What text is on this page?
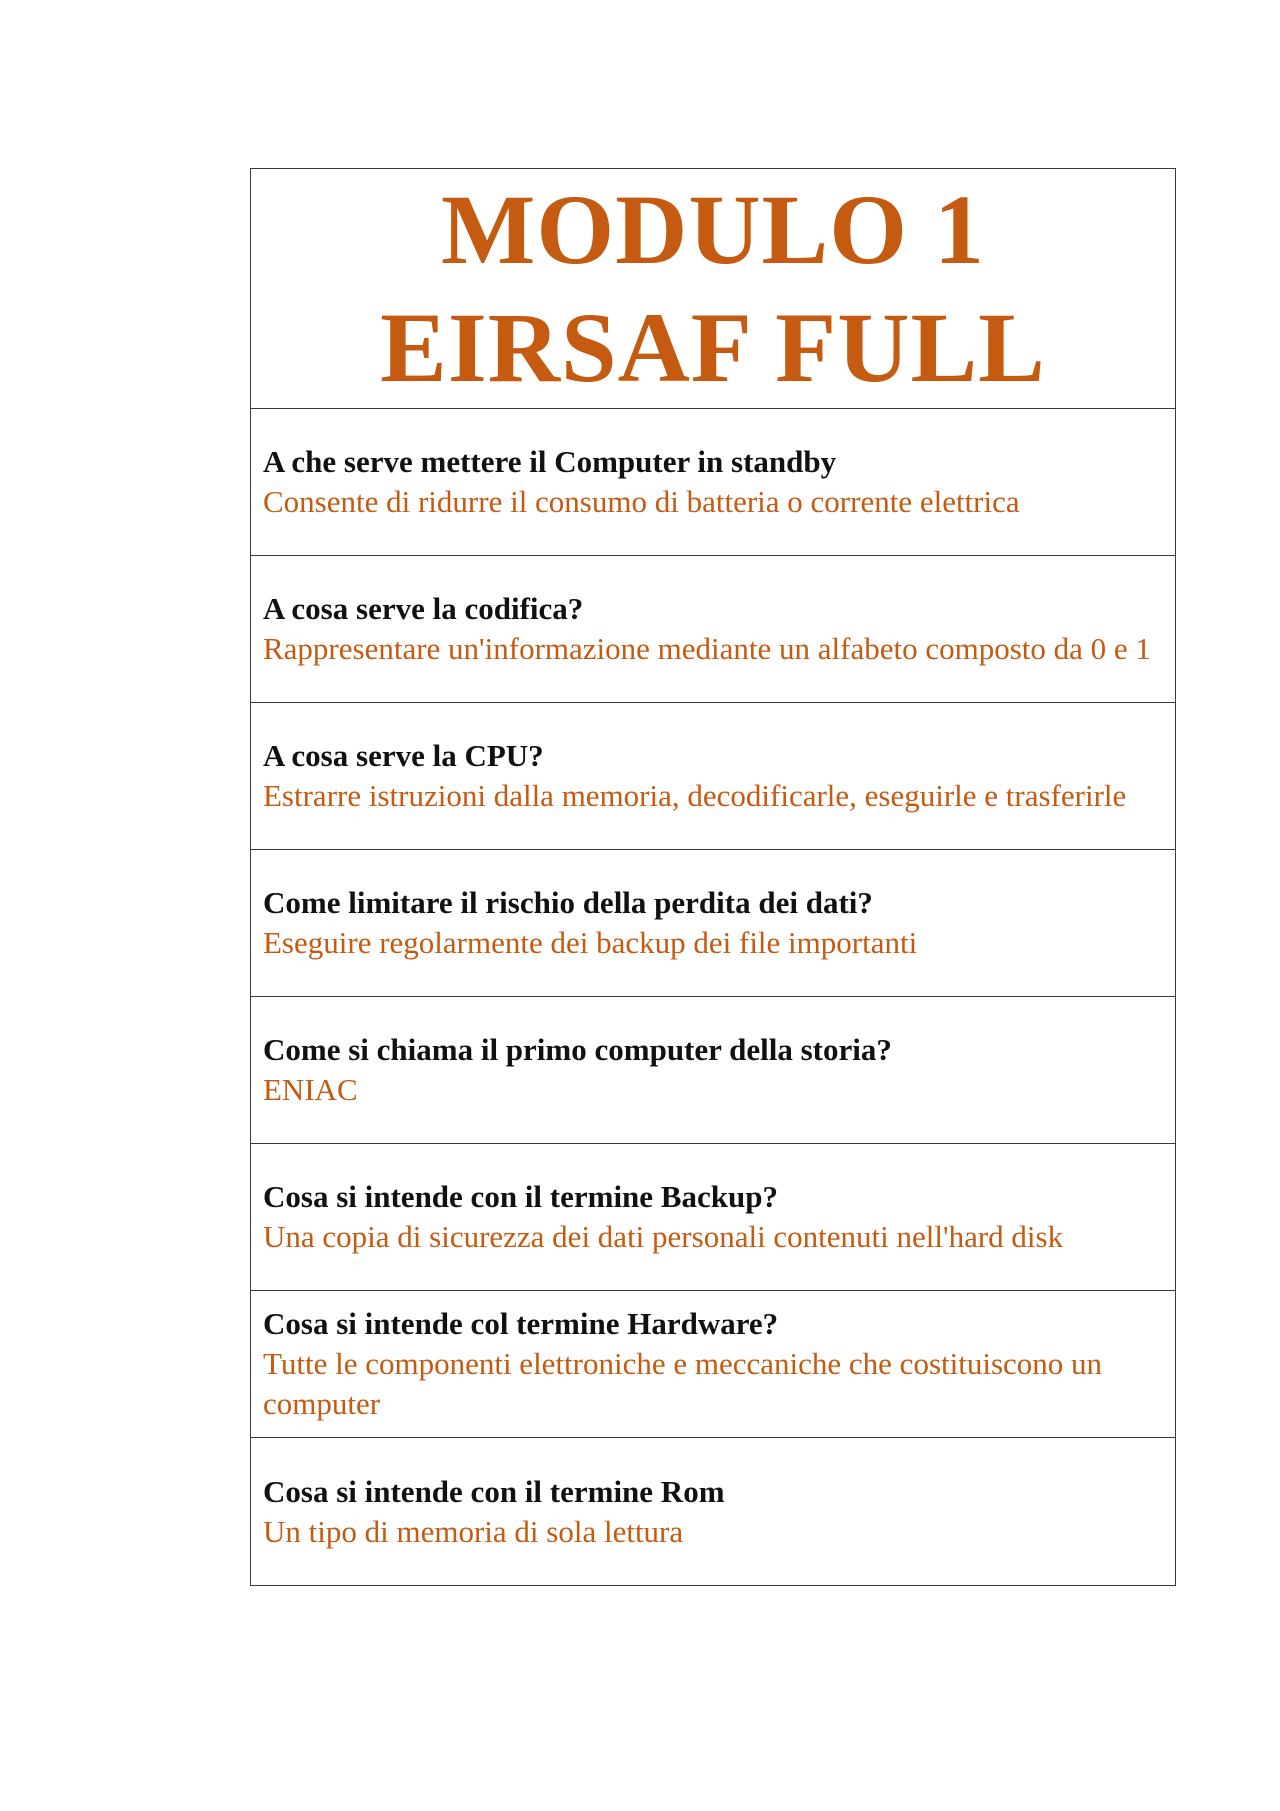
MODULO 1
EIRSAF FULL
A che serve mettere il Computer in standby
Consente di ridurre il consumo di batteria o corrente elettrica
A cosa serve la codifica?
Rappresentare un'informazione mediante un alfabeto composto da 0 e 1
A cosa serve la CPU?
Estrarre istruzioni dalla memoria, decodificarle, eseguirle e trasferirle
Come limitare il rischio della perdita dei dati?
Eseguire regolarmente dei backup dei file importanti
Come si chiama il primo computer della storia?
ENIAC
Cosa si intende con il termine Backup?
Una copia di sicurezza dei dati personali contenuti nell'hard disk
Cosa si intende col termine Hardware?
Tutte le componenti elettroniche e meccaniche che costituiscono un computer
Cosa si intende con il termine Rom
Un tipo di memoria di sola lettura
